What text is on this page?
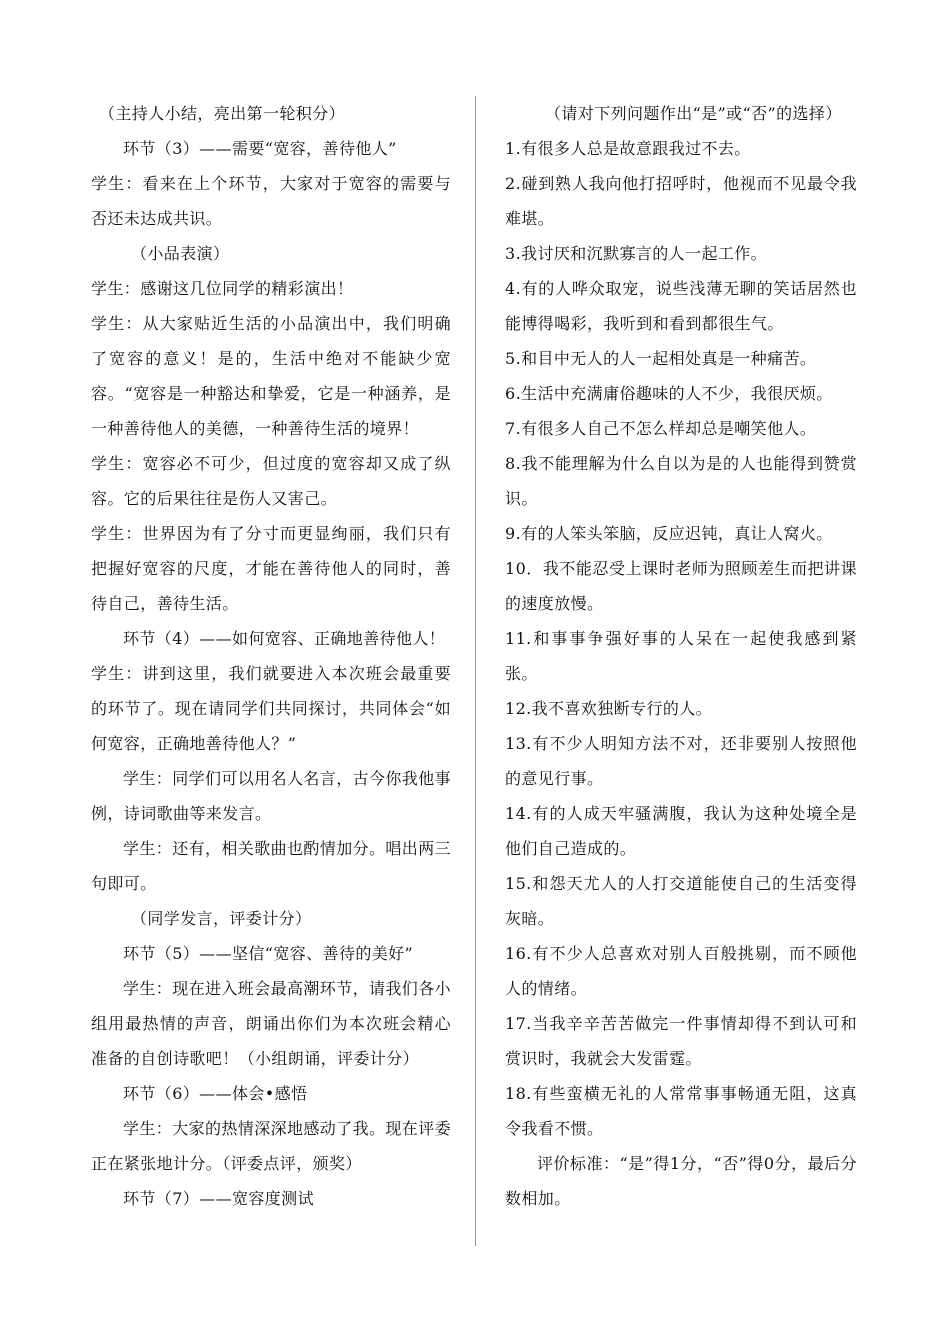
（主持人小结，亮出第一轮积分）

环节（3）——需要“宽容，善待他人”

学生：看来在上个环节，大家对于宽容的需要与否还未达成共识。

（小品表演）

学生：感谢这几位同学的精彩演出！

学生：从大家贴近生活的小品演出中，我们明确了宽容的意义！是的，生活中绝对不能缺少宽容。“宽容是一种豁达和挚爱，它是一种涵养，是一种善待他人的美德，一种善待生活的境界！

学生：宽容必不可少，但过度的宽容却又成了纵容。它的后果往往是伤人又害己。

学生：世界因为有了分寸而更显绚丽，我们只有把握好宽容的尺度，才能在善待他人的同时，善待自己，善待生活。

环节（4）——如何宽容、正确地善待他人！

学生：讲到这里，我们就要进入本次班会最重要的环节了。现在请同学们共同探讨，共同体会“如何宽容，正确地善待他人？”

学生：同学们可以用名人名言，古今你我他事例，诗词歌曲等来发言。

学生：还有，相关歌曲也酌情加分。唱出两三句即可。

（同学发言，评委计分）

环节（5）——坚信“宽容、善待的美好”

学生：现在进入班会最高潮环节，请我们各小组用最热情的声音，朗诵出你们为本次班会精心准备的自创诗歌吧！（小组朗诵，评委计分）

环节（6）——体会•感悟

学生：大家的热情深深地感动了我。现在评委正在紧张地计分。（评委点评，颁奖）

环节（7）——宽容度测试

（请对下列问题作出“是”或“否”的选择）

1.有很多人总是故意跟我过不去。

2.碰到熟人我向他打招呼时，他视而不见最令我难堪。

3.我讨厌和沉默寡言的人一起工作。

4.有的人哗众取宠，说些浅薄无聊的笑话居然也能博得喝彩，我听到和看到都很生气。

5.和目中无人的人一起相处真是一种痛苦。

6.生活中充满庸俗趣味的人不少，我很厌烦。

7.有很多人自己不怎么样却总是嘲笑他人。

8.我不能理解为什么自以为是的人也能得到赞赏识。

9.有的人笨头笨脑，反应迟钝，真让人窝火。

10．我不能忍受上课时老师为照顾差生而把讲课的速度放慢。

11.和事事争强好事的人呆在一起使我感到紧张。

12.我不喜欢独断专行的人。

13.有不少人明知方法不对，还非要别人按照他的意见行事。

14.有的人成天牢骚满腹，我认为这种处境全是他们自己造成的。

15.和怨天尤人的人打交道能使自己的生活变得灰暗。

16.有不少人总喜欢对别人百般挑剔，而不顾他人的情绪。

17.当我辛辛苦苦做完一件事情却得不到认可和赏识时，我就会大发雷霆。

18.有些蛮横无礼的人常常事事畅通无阻，这真令我看不惯。

评价标准：“是”得1分，“否”得0分，最后分数相加。
